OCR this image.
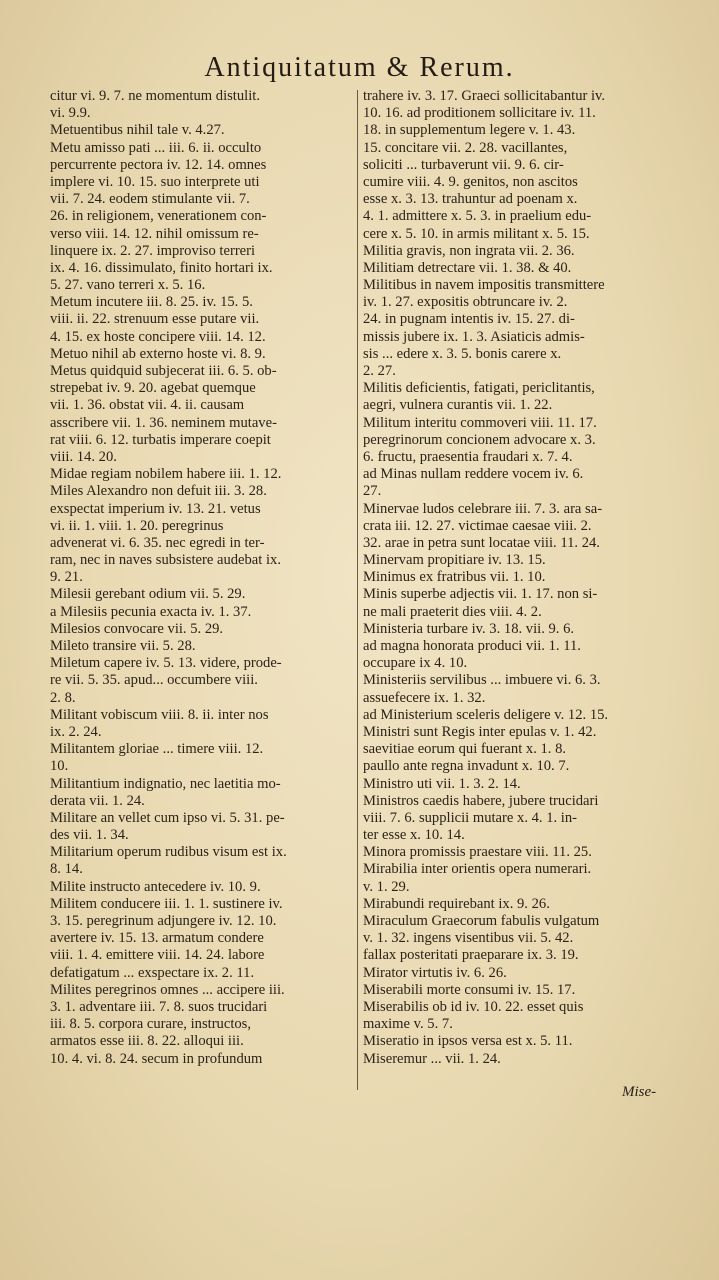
Antiquitatum & Rerum.
citur vi. 9. 7. ne momentum distulit.
vi. 9.9.
Metuentibus nihil tale v. 4.27.
Metu amisso pati ... iii. 6. ii. occulto
percurrente pectora iv. 12. 14. omnes
implere vi. 10. 15. suo interprete uti
vii. 7. 24. eodem stimulante vii. 7.
26. in religionem, venerationem con-
verso viii. 14. 12. nihil omissum re-
linquere ix. 2. 27. improviso terreri
ix. 4. 16. dissimulato, finito hortari ix.
5. 27. vano terreri x. 5. 16.
Metum incutere iii. 8. 25. iv. 15. 5.
viii. ii. 22. strenuum esse putare vii.
4. 15. ex hoste concipere viii. 14. 12.
Metuo nihil ab externo hoste vi. 8. 9.
Metus quidquid subjecerat iii. 6. 5. ob-
strepebat iv. 9. 20. agebat quemque
vii. 1. 36. obstat vii. 4. ii. causam
asscribere vii. 1. 36. neminem mutave-
rat viii. 6. 12. turbatis imperare coepit
viii. 14. 20.
Midae regiam nobilem habere iii. 1. 12.
Miles Alexandro non defuit iii. 3. 28.
exspectat imperium iv. 13. 21. vetus
vi. ii. 1. viii. 1. 20. peregrinus
advenerat vi. 6. 35. nec egredi in ter-
ram, nec in naves subsistere audebat ix.
9. 21.
Milesii gerebant odium vii. 5. 29.
a Milesiis pecunia exacta iv. 1. 37.
Milesios convocare vii. 5. 29.
Mileto transire vii. 5. 28.
Miletum capere iv. 5. 13. videre, prode-
re vii. 5. 35. apud... occumbere viii.
2. 8.
Militant vobiscum viii. 8. ii. inter nos
ix. 2. 24.
Militantem gloriae ... timere viii. 12.
10.
Militantium indignatio, nec laetitia mo-
derata vii. 1. 24.
Militare an vellet cum ipso vi. 5. 31. pe-
des vii. 1. 34.
Militarium operum rudibus visum est ix.
8. 14.
Milite instructo antecedere iv. 10. 9.
Militem conducere iii. 1. 1. sustinere iv.
3. 15. peregrinum adjungere iv. 12. 10.
avertere iv. 15. 13. armatum condere
viii. 1. 4. emittere viii. 14. 24. labore
defatigatum ... exspectare ix. 2. 11.
Milites peregrinos omnes ... accipere iii.
3. 1. adventare iii. 7. 8. suos trucidari
iii. 8. 5. corpora curare, instructos,
armatos esse iii. 8. 22. alloqui iii.
10. 4. vi. 8. 24. secum in profundum
trahere iv. 3. 17. Graeci sollicitabantur iv.
10. 16. ad proditionem sollicitare iv. 11.
18. in supplementum legere v. 1. 43.
15. concitare vii. 2. 28. vacillantes,
soliciti ... turbaverunt vii. 9. 6. cir-
cumire viii. 4. 9. genitos, non ascitos
esse x. 3. 13. trahuntur ad poenam x.
4. 1. admittere x. 5. 3. in praelium edu-
cere x. 5. 10. in armis militant x. 5. 15.
Militia gravis, non ingrata vii. 2. 36.
Militiam detrectare vii. 1. 38. & 40.
Militibus in navem impositis transmittere
iv. 1. 27. expositis obtruncare iv. 2.
24. in pugnam intentis iv. 15. 27. di-
missis jubere ix. 1. 3. Asiaticis admis-
sis ... edere x. 3. 5. bonis carere x.
2. 27.
Militis deficientis, fatigati, periclitantis,
aegri, vulnera curantis vii. 1. 22.
Militum interitu commoveri viii. 11. 17.
peregrinorum concionem advocare x. 3.
6. fructu, praesentia fraudari x. 7. 4.
ad Minas nullam reddere vocem iv. 6.
27.
Minervae ludos celebrare iii. 7. 3. ara sa-
crata iii. 12. 27. victimae caesae viii. 2.
32. arae in petra sunt locatae viii. 11. 24.
Minervam propitiare iv. 13. 15.
Minimus ex fratribus vii. 1. 10.
Minis superbe adjectis vii. 1. 17. non si-
ne mali praeterit dies viii. 4. 2.
Ministeria turbare iv. 3. 18. vii. 9. 6.
ad magna honorata produci vii. 1. 11.
occupare ix 4. 10.
Ministeriis servilibus ... imbuere vi. 6. 3.
assuefecere ix. 1. 32.
ad Ministerium sceleris deligere v. 12. 15.
Ministri sunt Regis inter epulas v. 1. 42.
saevitiae eorum qui fuerant x. 1. 8.
paullo ante regna invadunt x. 10. 7.
Ministro uti vii. 1. 3. 2. 14.
Ministros caedis habere, jubere trucidari
viii. 7. 6. supplicii mutare x. 4. 1. in-
ter esse x. 10. 14.
Minora promissis praestare viii. 11. 25.
Mirabilia inter orientis opera numerari.
v. 1. 29.
Mirabundi requirebant ix. 9. 26.
Miraculum Graecorum fabulis vulgatum
v. 1. 32. ingens visentibus vii. 5. 42.
fallax posteritati praeparare ix. 3. 19.
Mirator virtutis iv. 6. 26.
Miserabili morte consumi iv. 15. 17.
Miserabilis ob id iv. 10. 22. esset quis
maxime v. 5. 7.
Miseratio in ipsos versa est x. 5. 11.
Miseremur ... vii. 1. 24.
Mise-
